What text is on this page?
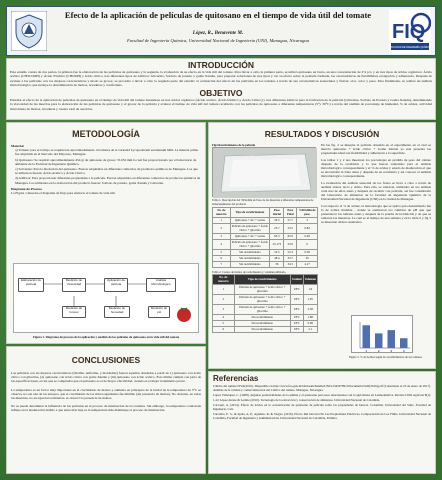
Efecto de la aplicación de películas de quitosano en el tiempo de vida útil del tomate
López, R., Benavente M.
Facultad de Ingeniería Química, Universidad Nacional de Ingeniería (UNI), Managua, Nicaragua	FIQ
FACULTAD DE INGENIERÍA QUÍMICA
INTRODUCCIÓN
Este estudio consta de dos partes, la primera fue la elaboración de las películas de quitosano y la segunda, la evaluación de su efecto en la vida útil del tomate. Para llevar a cabo la primera parte, se utilizó quitosano en bruto, en una concentración de 2% p/v, y en tres tipos de ácidos orgánicos: Ácido acético (CH3COOH) y Ácido Fórmico (CHOOH) y ácido cítrico, tres diferentes tipos de aditivos: Glicerina, Sorbato de potasio y goma Xantán, para preparar soluciones de tres tipos y ver su efecto sobre la película formada, las características de flexibilidad, elongación y adherencia. Después de evaluar a las películas con los mejores características y modo se grosor, se procedió a llevar a cabo la segunda parte del estudio: la evaluación del efecto de las películas en los tomates a través de sus características sensoriales y físicas: olor, color y peso. Para finalmente, se realizó un análisis microbiológico que incluye la determinación de mohos, levaduras y coniformes.
OBJETIVO
Estudiar el efecto de la aplicación de películas de quitosano en el tiempo de vida útil del tomate basándose en tres ácidos orgánicos (Ácido acético, Ácido fórmico y Ácido Cítrico) y tres diferentes aditivos para la formación de la película (Glicerina, Sorbato de Potasio y Goma Xantán), determinando la viscosidad de las mezclas para la elaboración de las películas de quitosano y el grosor de la película y evaluar el tiempo de vida útil del tomate recubierto con las películas de quitosano a diferentes temperaturas (5°y 30°C) a través del análisis de porcentaje de humedad, % de acidez, actividad microbiana de mohos, levaduras y cuenta total de aerobios.
METODOLOGÍA
Material
a) Tomate: para el trabajo se requirieron aproximadamente 14 tomates de la variedad Lycopersicum esculentum Mill. La materia prima fue adquirida en el mercado del Mayoreo, Managua.
b) Quitosano: Se requirió aproximadamente 454 gr de quitosano de grosor <0.032 mm la cual fue proporcionado por el laboratorio de ambiente de la Facultad de Ingeniería Química.
c) Solventes: Para la disolución del quitosano. Fueron adquiridos en diferentes comercios de productos químicos de Managua. Los que se utilizaron fueron: Ácido Acético y Ácido Cítrico.
d) Aditivos: Para proporcionar diferentes propiedades a la película. Fueron adquiridos en diferentes comercios de productos químicos de Managua. Los utilizados en la elaboración del producto fueron: Sorbato de potasio, goma Xantán y Glicerina.
Diagrama de Proceso
La Figura 1 muestra el diagrama de flujo para elaborar el tomate de vida útil.
Elaboración de película
Medición de Viscosidad
Aplicación de película
Análisis Microbiológico
Medición de Grosor
Medición de humedad
Medición de pH
Figura 1. Diagrama de proceso de la aplicación y análisis de las películas de quitosano en la vida útil del tomate
RESULTADOS Y DISCUSIÓN
Fig2.Recubrimiento de la película
Tabla 1. Descripción del %Pérdida de Peso de las muestras a diferentes temperaturas de almacenamiento del producto
No. de muestra	Tipo de recubrimiento	Peso Inicial	Peso Final	%Pérdida de peso
1	Quitosano + AC + Goma	59.5	57.7	3
2	Película de quitosano + Ácido cítrico + glicerina	23.7	23.5	0.84
3	Quitosano + AC + Goma	83.3	82.9	0.48
4	Película de quitosano + Ácido cítrico + glicerina	25.173	23.0	0
5	Sin recubrimiento	52.5	52.3	0.38
6	Sin recubrimiento	48.4	33.7	30
7	Sin recubrimiento	36	34.5	4.17
Tabla 2. Conteo de mohos de cada muestra y volumen utilizado.
No. de muestra	Tipo de recubrimiento	Unidad	Volumen
1	Película de quitosano + ácido cítrico + glicerina	UFC	1.6
2	Película de quitosano + ácido cítrico + glicerina	UFC	1.95
3	Película de quitosano + ácido cítrico + glicerina	UFC	2.38
4	Sin recubrimiento	UFC	1.88
5	Sin recubrimiento	UFC	0.08
6	Sin recubrimiento	UFC	2.1
En las fig. 2 se muestra la película obtenida en el experimento en el cual se mezcló quitosano + ácido cítrico + Goma Xantan ya esta presenta las propiedades ideal son flexibilidad y adherencia a la superficie.
Las tablas 1 y 2 nos muestran los porcentajes en pérdida de peso del tomate después de la recubierta y lo que fueron sometidos para el análisis microbiológico correspondiente y el % de acidez y estado de maduración el que se encontraba la fruta antes y después de su recubierta y así conocer el análisis microbiológico correspondiente.
La evaluación del análisis sensorial de los frutos se llevó a cabo a través de análisis visual, tacto y olfato. Para ello, se tomaron, utilizados en los análisis cada uno de ellos antes y después de recubrir con película, así fue considerado del laboratorio de alimentos de la facultad de Ingeniería Química de la Universidad Nacional de Ingeniería (UNI) en la ciudad de Managua.
Con respecto al % de acidez, la metodología que se aplicó para determinarlo fue la de acidez titulable , donde se analizaron los cambios de pH que que presentaron los tomates antes y después de la prueba de irradiación y de que se tomaron las muestras. La cual se al tiempo de una semana y en la tabla 2 y fig 3 se muestran dichos resultados.
1	2	3	4
Figura 3. % de Acidez según los recubrimientos de los tomates.
CONCLUSIONES
Las películas con las mejores características (flexible, uniforme, y moldeable) fueron aquellas obtenidas a partir de 1) quitosano con ácido cítrico con glicerina, (2) quitosano con ácido cítrico con goma Xantán y (iii) quitosano con ácido acético. Esto último cumple con parte de las especificaciones, en las que se comprueba que el quitosano es el de mayor efectividad, cuando es el mejor tratamiento previo.
La temperatura es un factor muy importante en el crecimiento de mohos y aumenta en principios de la inicial de la temperatura de 5°C se observa, no son una de los ensayos, que el crecimiento de los microorganismos fue mínimo (sin presencia de mohos). No obstante, en todas las muestras, no en especial recubiertas, se observó la presencia de mohos.
No se puede determinar la influencia de las películas en el proceso de maduración de los tomates. Sin embargo, la temperatura controlada influye en la maduración debido a que entre más baja es la temperatura más disminuye el proceso de maduración.
Referencias
Cálidra del tomate ISVA(2016). Disponible en http://www.fao.gob.ni/bitstream/handle/UNI/123456789/3/Documento%20(2016).pdf (Consultado el 23 de enero de 2017). Análisis de la calidad y comercialización del Cultivo del tomate. Managua, Nicaragua.
López Velázquez, C. (2008). Algunas potencialidades de la quitina y el quitosano para usos relacionados con la agricultura en Latinoamérica. Revista UDO Agrícola 8(1): 1-22 López Alzate & Lomba (2010). Tecnología de la extracción y conservación de alimentos. Universidad Nacional de Colombia.
Carvajal, A. (2014). Efecto de ácidos en la concentración de quitosano de película sobre las propiedades de barrera. Colombia. Universidad del Valle. Facultad de Ingeniería. Cali.
Cárcamo, E. S., & Ayala, A. P., Agudelo, R. & Vargas, (2016). Efecto Del Glicerol En Las Propiedades Eléctricas, Compactación de Los Films. Universidad Nacional de Colombia, Facultad de Ingeniería y Administración, Universidad Nacional de Colombia, Palmira.
